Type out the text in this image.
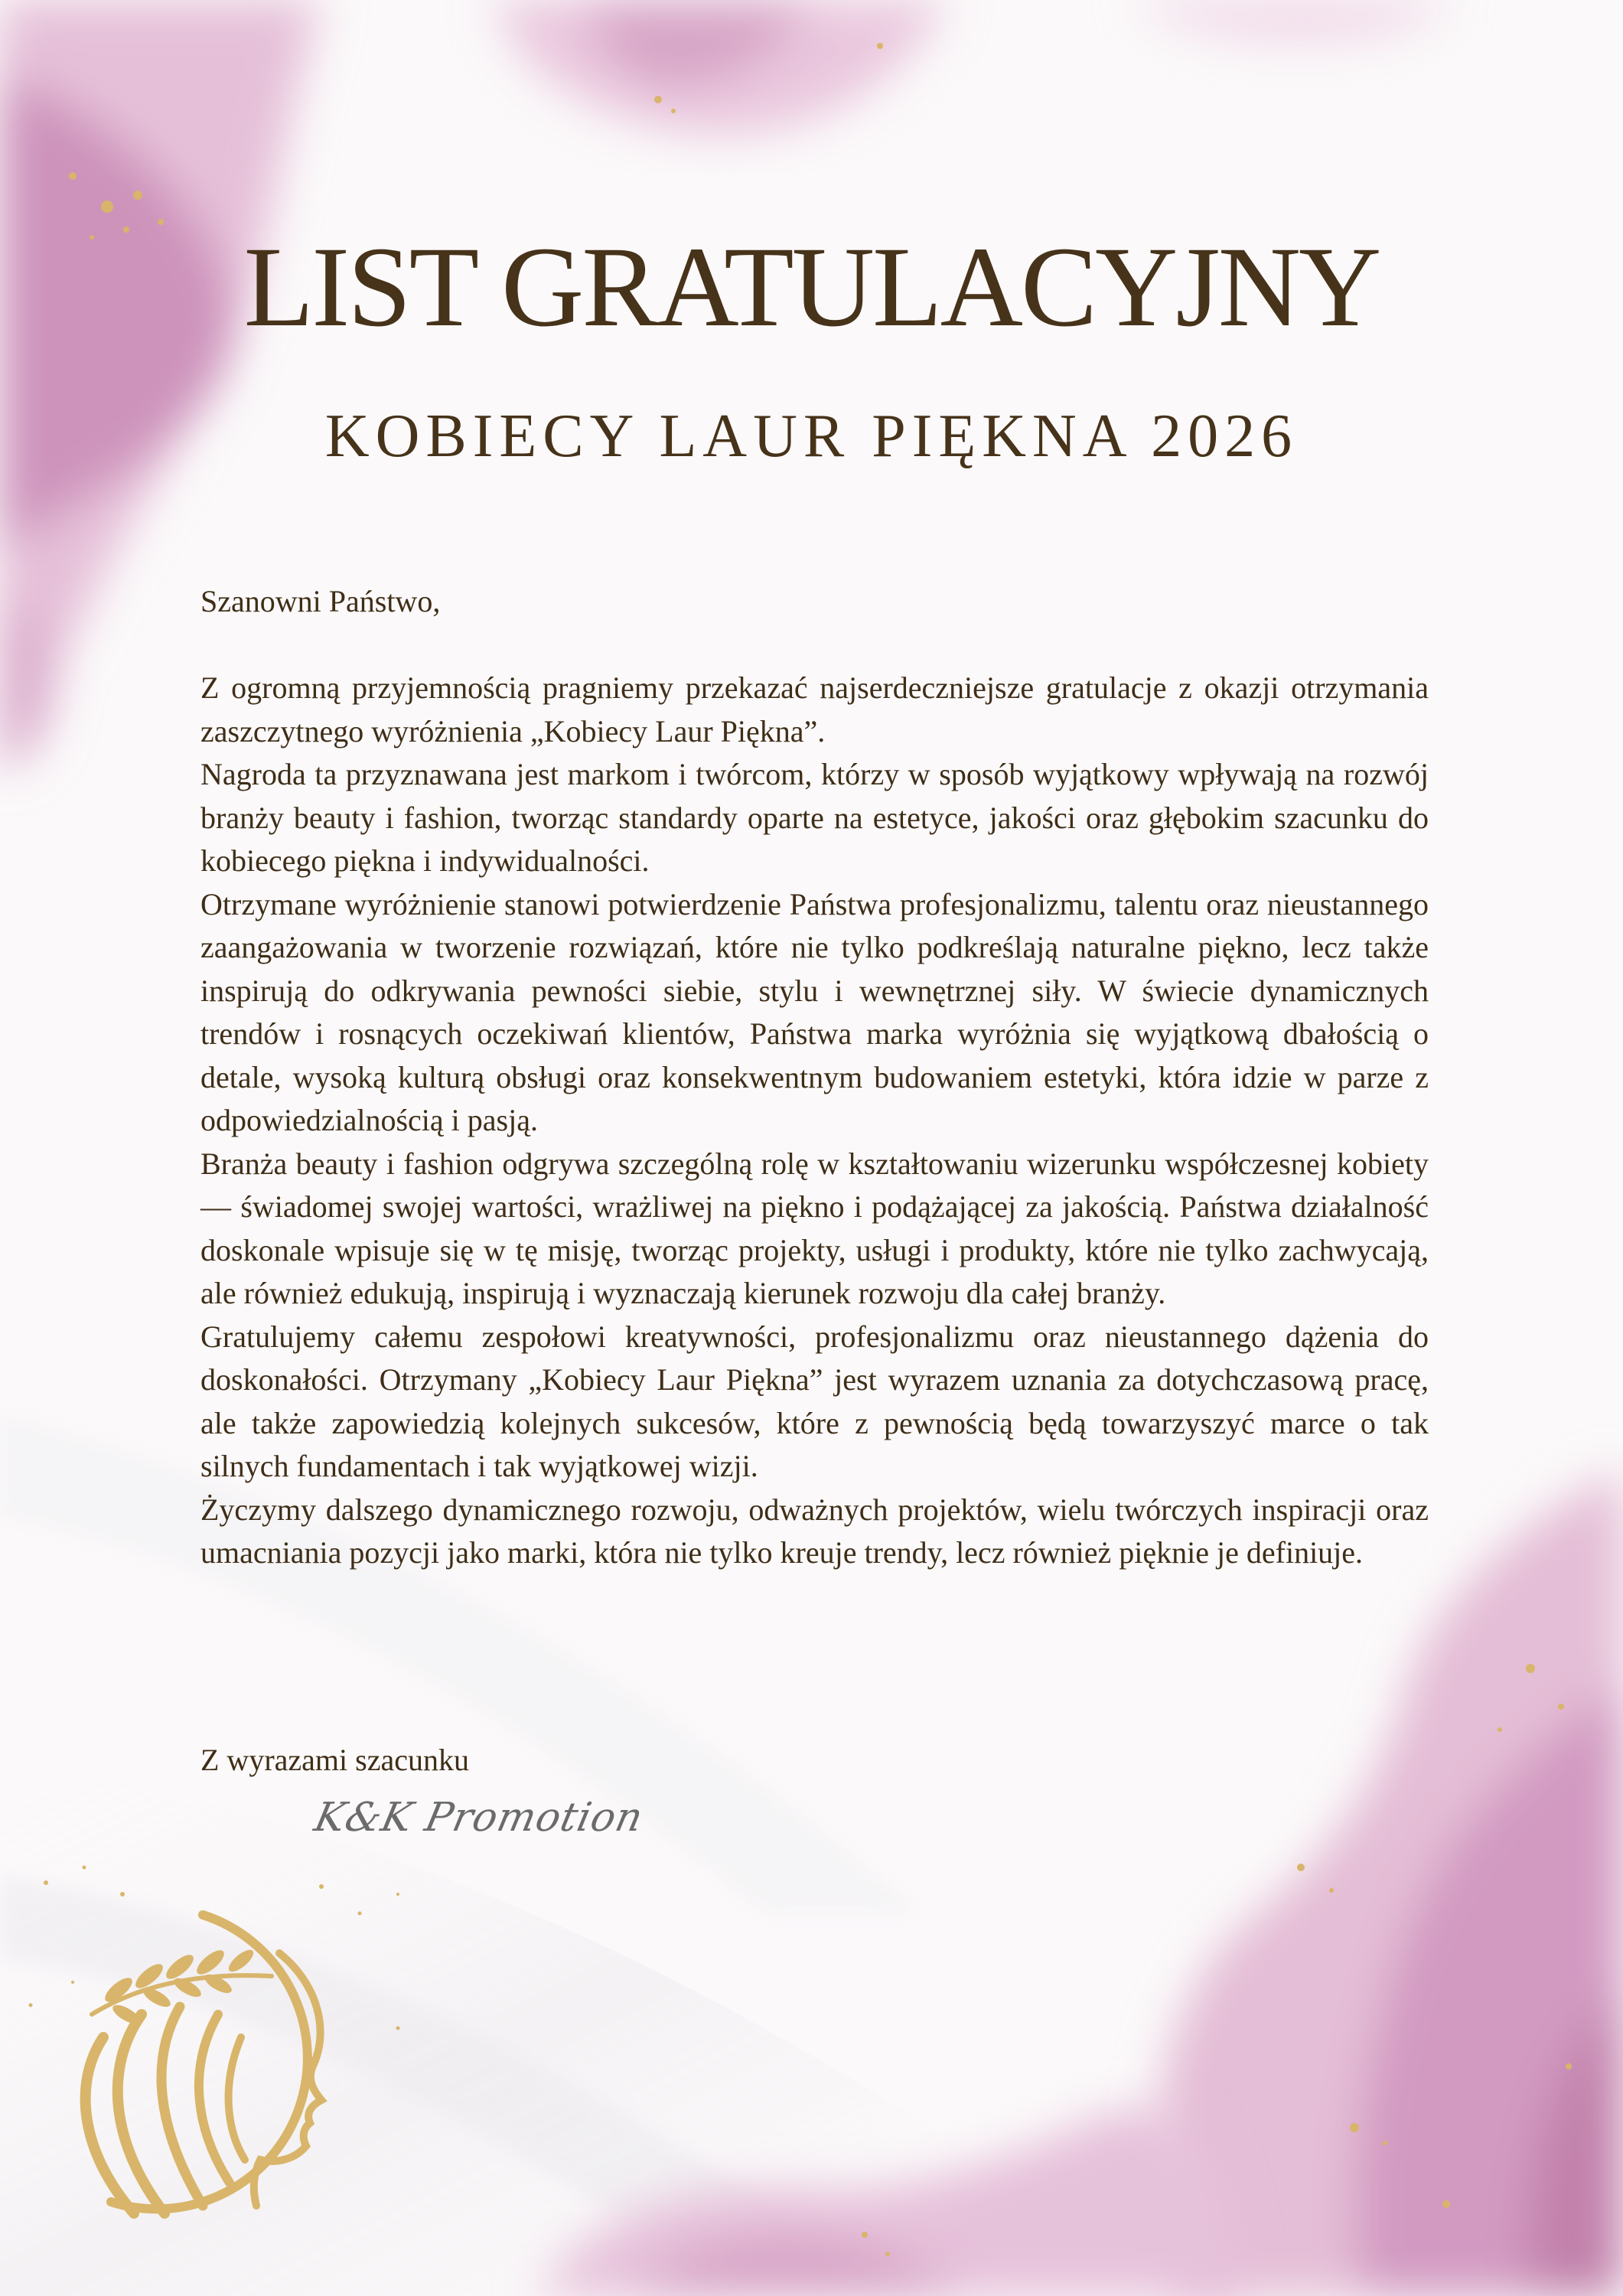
LIST GRATULACYJNY
KOBIECY LAUR PIĘKNA 2026

Szanowni Państwo,

Z ogromną przyjemnością pragniemy przekazać najserdeczniejsze gratulacje z okazji otrzymania zaszczytnego wyróżnienia „Kobiecy Laur Piękna”.

Nagroda ta przyznawana jest markom i twórcom, którzy w sposób wyjątkowy wpływają na rozwój branży beauty i fashion, tworząc standardy oparte na estetyce, jakości oraz głębokim szacunku do kobiecego piękna i indywidualności.

Otrzymane wyróżnienie stanowi potwierdzenie Państwa profesjonalizmu, talentu oraz nieustannego zaangażowania w tworzenie rozwiązań, które nie tylko podkreślają naturalne piękno, lecz także inspirują do odkrywania pewności siebie, stylu i wewnętrznej siły. W świecie dynamicznych trendów i rosnących oczekiwań klientów, Państwa marka wyróżnia się wyjątkową dbałością o detale, wysoką kulturą obsługi oraz konsekwentnym budowaniem estetyki, która idzie w parze z odpowiedzialnością i pasją.

Branża beauty i fashion odgrywa szczególną rolę w kształtowaniu wizerunku współczesnej kobiety — świadomej swojej wartości, wrażliwej na piękno i podążającej za jakością. Państwa działalność doskonale wpisuje się w tę misję, tworząc projekty, usługi i produkty, które nie tylko zachwycają, ale również edukują, inspirują i wyznaczają kierunek rozwoju dla całej branży.

Gratulujemy całemu zespołowi kreatywności, profesjonalizmu oraz nieustannego dążenia do doskonałości. Otrzymany „Kobiecy Laur Piękna” jest wyrazem uznania za dotychczasową pracę, ale także zapowiedzią kolejnych sukcesów, które z pewnością będą towarzyszyć marce o tak silnych fundamentach i tak wyjątkowej wizji.

Życzymy dalszego dynamicznego rozwoju, odważnych projektów, wielu twórczych inspiracji oraz umacniania pozycji jako marki, która nie tylko kreuje trendy, lecz również pięknie je definiuje.

Z wyrazami szacunku
K&K Promotion
